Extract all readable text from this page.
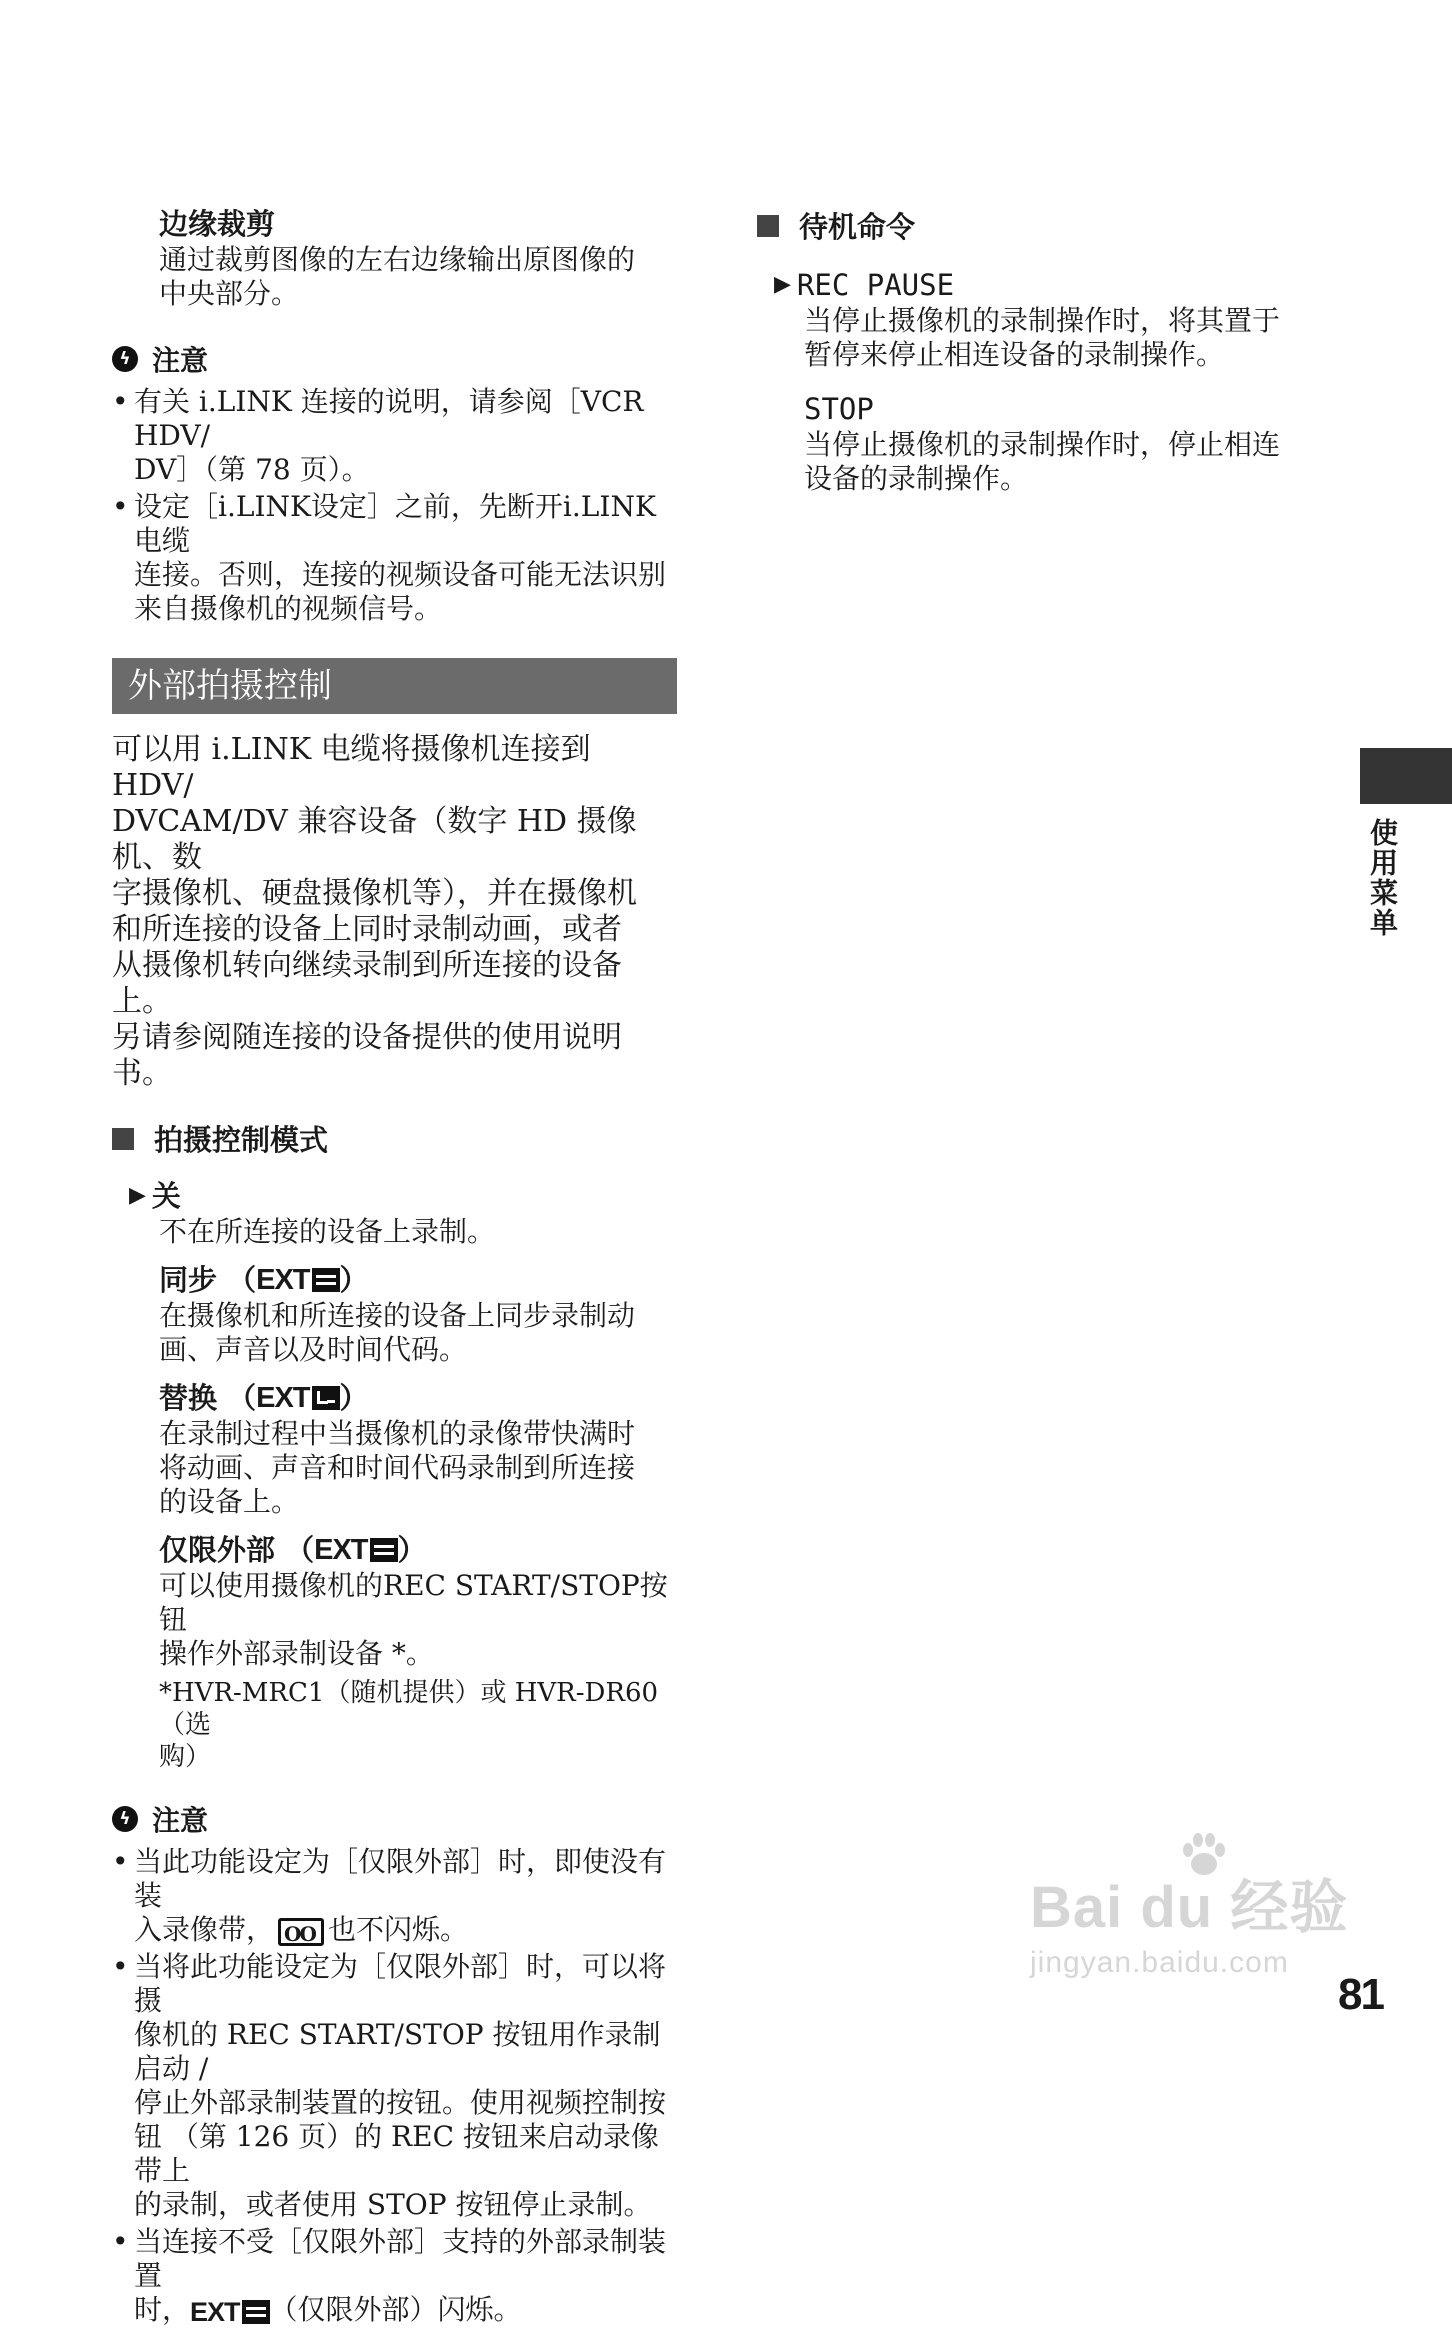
边缘裁剪
通过裁剪图像的左右边缘输出原图像的
中央部分。
ϟ 注意
• 有关 i.LINK 连接的说明，请参阅［VCR HDV/
DV］（第 78 页）。
• 设定［i.LINK设定］之前，先断开i.LINK电缆
连接。否则，连接的视频设备可能无法识别
来自摄像机的视频信号。
外部拍摄控制
可以用 i.LINK 电缆将摄像机连接到 HDV/
DVCAM/DV 兼容设备（数字 HD 摄像机、数
字摄像机、硬盘摄像机等），并在摄像机
和所连接的设备上同时录制动画，或者
从摄像机转向继续录制到所连接的设备
上。
另请参阅随连接的设备提供的使用说明
书。
拍摄控制模式
▶ 关
不在所连接的设备上录制。
同步 （ EXT ）
在摄像机和所连接的设备上同步录制动
画、声音以及时间代码。
替换 （ EXT ）
在录制过程中当摄像机的录像带快满时
将动画、声音和时间代码录制到所连接
的设备上。
仅限外部 （ EXT ）
可以使用摄像机的REC START/STOP按钮
操作外部录制设备 *。
*HVR-MRC1（随机提供）或 HVR-DR60（选
购）
ϟ 注意
• 当此功能设定为［仅限外部］时，即使没有装
入录像带，OO 也不闪烁。
• 当将此功能设定为［仅限外部］时，可以将摄
像机的 REC START/STOP 按钮用作录制启动 /
停止外部录制装置的按钮。使用视频控制按
钮 （第 126 页）的 REC 按钮来启动录像带上
的录制，或者使用 STOP 按钮停止录制。
• 当连接不受［仅限外部］支持的外部录制装置
时， EXT （仅限外部）闪烁。
待机命令
▶ REC PAUSE
当停止摄像机的录制操作时，将其置于
暂停来停止相连设备的录制操作。
STOP
当停止摄像机的录制操作时，停止相连
设备的录制操作。
使用菜单
Bai du 经验
jingyan.baidu.com
81
